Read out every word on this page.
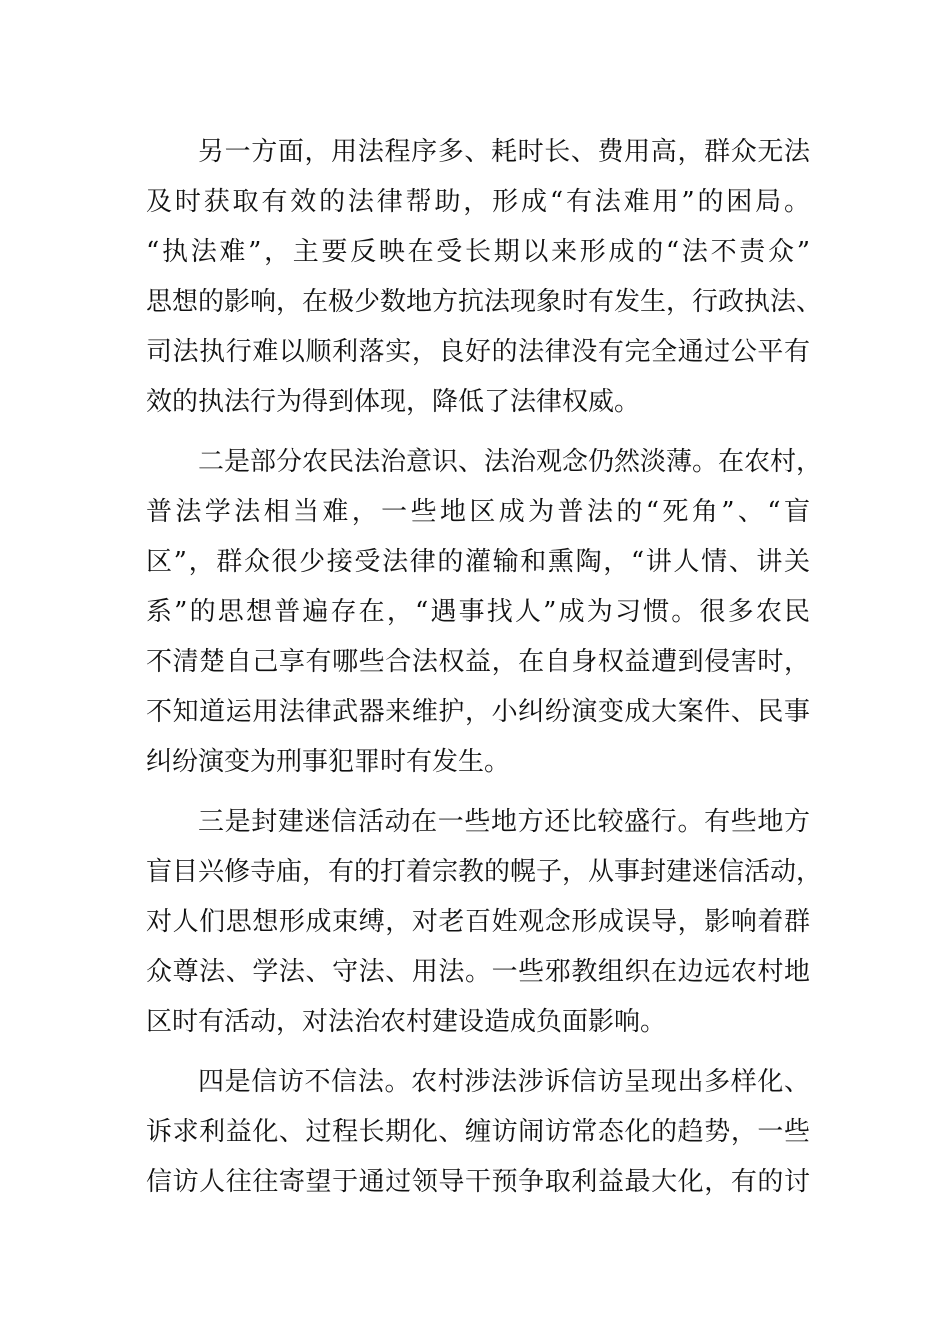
另一方面，用法程序多、耗时长、费用高，群众无法
及时获取有效的法律帮助，形成“有法难用”的困局。
“执法难”，主要反映在受长期以来形成的“法不责众”
思想的影响，在极少数地方抗法现象时有发生，行政执法、
司法执行难以顺利落实，良好的法律没有完全通过公平有
效的执法行为得到体现，降低了法律权威。
二是部分农民法治意识、法治观念仍然淡薄。在农村，
普法学法相当难，一些地区成为普法的“死角”、“盲
区”，群众很少接受法律的灌输和熏陶，“讲人情、讲关
系”的思想普遍存在，“遇事找人”成为习惯。很多农民
不清楚自己享有哪些合法权益，在自身权益遭到侵害时，
不知道运用法律武器来维护，小纠纷演变成大案件、民事
纠纷演变为刑事犯罪时有发生。
三是封建迷信活动在一些地方还比较盛行。有些地方
盲目兴修寺庙，有的打着宗教的幌子，从事封建迷信活动，
对人们思想形成束缚，对老百姓观念形成误导，影响着群
众尊法、学法、守法、用法。一些邪教组织在边远农村地
区时有活动，对法治农村建设造成负面影响。
四是信访不信法。农村涉法涉诉信访呈现出多样化、
诉求利益化、过程长期化、缠访闹访常态化的趋势，一些
信访人往往寄望于通过领导干预争取利益最大化，有的讨
